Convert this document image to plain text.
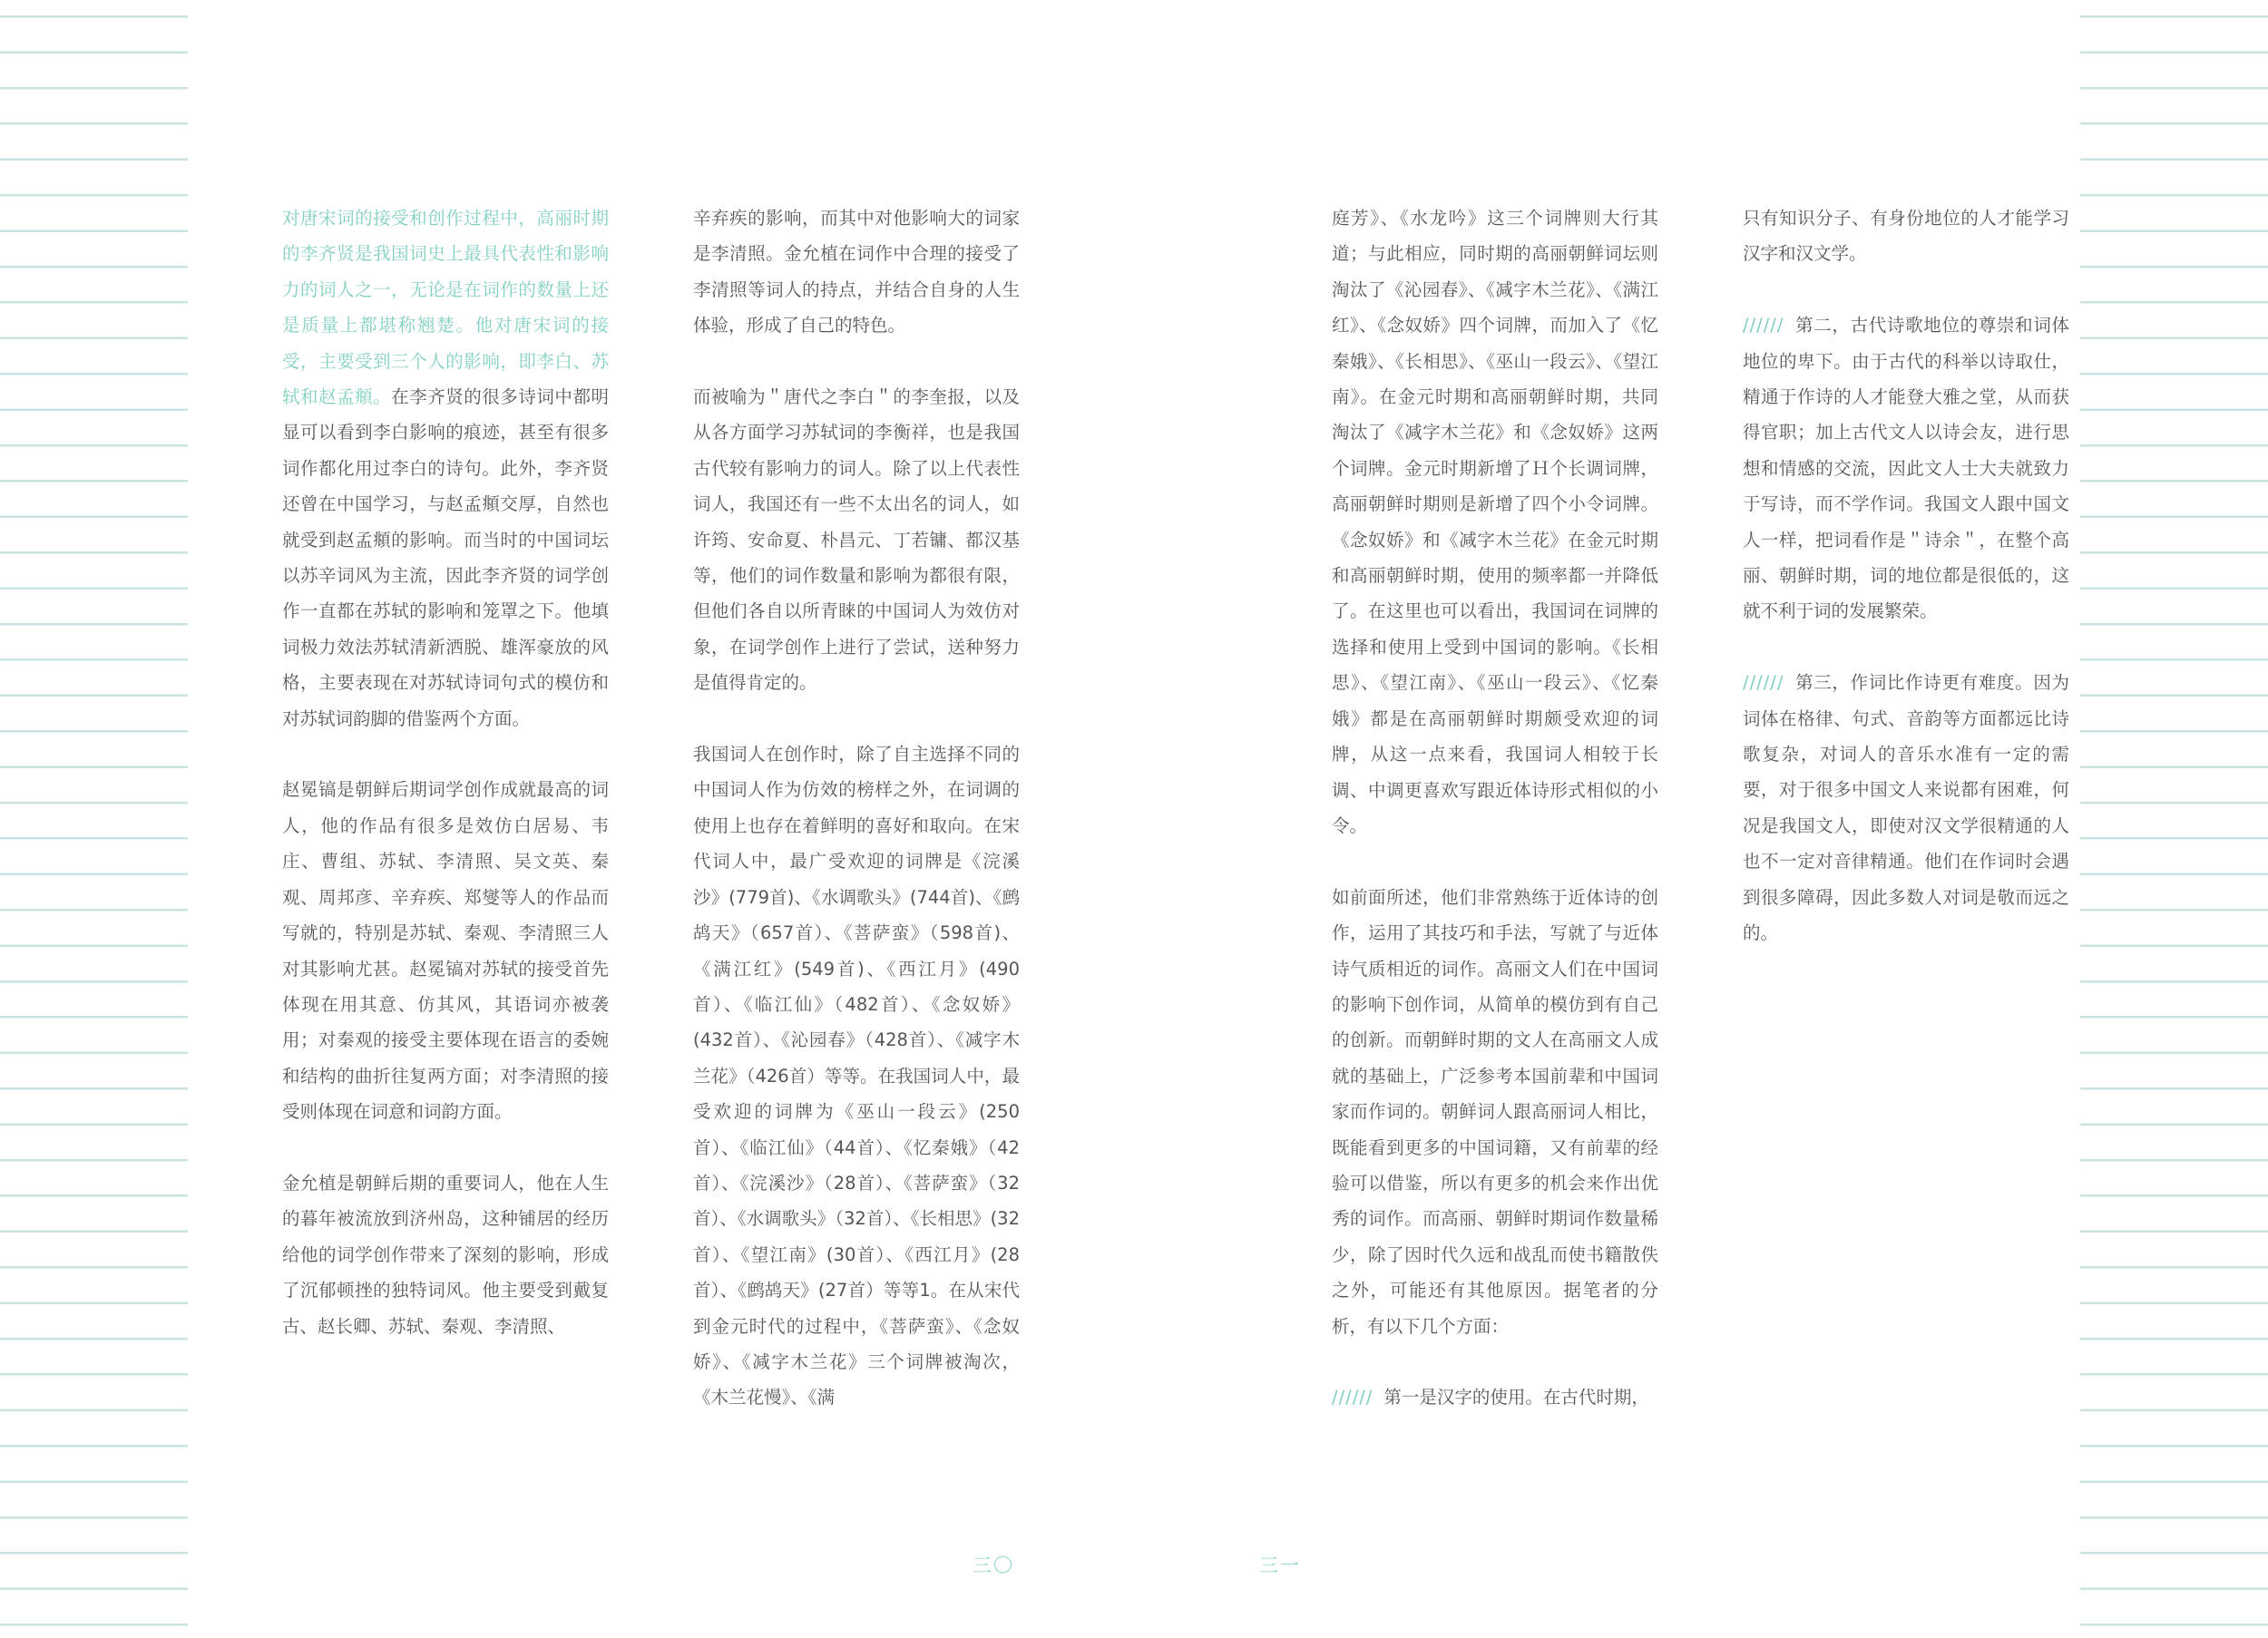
对唐宋词的接受和创作过程中，高丽时期的李齐贤是我国词史上最具代表性和影响力的词人之一，无论是在词作的数量上还是质量上都堪称翘楚。他对唐宋词的接受，主要受到三个人的影响，即李白、苏轼和赵孟頫。在李齐贤的很多诗词中都明显可以看到李白影响的痕迹，甚至有很多词作都化用过李白的诗句。此外，李齐贤还曾在中国学习，与赵孟頫交厚，自然也就受到赵孟頫的影响。而当时的中国词坛以苏辛词风为主流，因此李齐贤的词学创作一直都在苏轼的影响和笼罩之下。他填词极力效法苏轼清新洒脱、雄浑豪放的风格，主要表现在对苏轼诗词句式的模仿和对苏轼词韵脚的借鉴两个方面。

赵冕镐是朝鲜后期词学创作成就最高的词人，他的作品有很多是效仿白居易、韦庄、曹组、苏轼、李清照、吴文英、秦观、周邦彦、辛弃疾、郑燮等人的作品而写就的，特别是苏轼、秦观、李清照三人对其影响尤甚。赵冕镐对苏轼的接受首先体现在用其意、仿其风，其语词亦被袭用；对秦观的接受主要体现在语言的委婉和结构的曲折往复两方面；对李清照的接受则体现在词意和词韵方面。

金允植是朝鲜后期的重要词人，他在人生的暮年被流放到济州岛，这种铺居的经历给他的词学创作带来了深刻的影响，形成了沉郁顿挫的独特词风。他主要受到戴复古、赵长卿、苏轼、秦观、李清照、

辛弃疾的影响，而其中对他影响大的词家是李清照。金允植在词作中合理的接受了李清照等词人的持点，并结合自身的人生体验，形成了自己的特色。

而被喻为＂唐代之李白＂的李奎报，以及从各方面学习苏轼词的李衡祥，也是我国古代较有影响力的词人。除了以上代表性词人，我国还有一些不太出名的词人，如许筠、安命夏、朴昌元、丁若镛、都汉基等，他们的词作数量和影响为都很有限，但他们各自以所青睐的中国词人为效仿对象，在词学创作上进行了尝试，送种努力是值得肯定的。

我国词人在创作时，除了自主选择不同的中国词人作为仿效的榜样之外，在词调的使用上也存在着鲜明的喜好和取向。在宋代词人中，最广受欢迎的词牌是《浣溪沙》(779首)、《水调歌头》(744首)、《鹧鸪天》（657首）、《菩萨蛮》（598首)、《满江红》(549首)、《西江月》(490首）、《临江仙》（482首）、《念奴娇》(432首）、《沁园春》（428首）、《减字木兰花》（426首）等等。在我国词人中，最受欢迎的词牌为《巫山一段云》(250首）、《临江仙》（44首）、《忆秦娥》（42首）、《浣溪沙》（28首）、《菩萨蛮》（32首）、《水调歌头》（32首）、《长相思》(32首）、《望江南》(30首）、《西江月》(28首）、《鹧鸪天》(27首）等等1。在从宋代到金元时代的过程中，《菩萨蛮》、《念奴娇》、《减字木兰花》三个词牌被淘次，《木兰花慢》、《满

庭芳》、《水龙吟》这三个词牌则大行其道；与此相应，同时期的高丽朝鲜词坛则淘汰了《沁园春》、《减字木兰花》、《满江红》、《念奴娇》四个词牌，而加入了《忆秦娥》、《长相思》、《巫山一段云》、《望江南》。在金元时期和高丽朝鲜时期，共同淘汰了《减字木兰花》和《念奴娇》这两个词牌。金元时期新增了Ｈ个长调词牌，高丽朝鲜时期则是新增了四个小令词牌。《念奴娇》和《减字木兰花》在金元时期和高丽朝鲜时期，使用的频率都一并降低了。在这里也可以看出，我国词在词牌的选择和使用上受到中国词的影响。《长相思》、《望江南》、《巫山一段云》、《忆秦娥》都是在高丽朝鲜时期颇受欢迎的词牌，从这一点来看，我国词人相较于长调、中调更喜欢写跟近体诗形式相似的小令。

如前面所述，他们非常熟练于近体诗的创作，运用了其技巧和手法，写就了与近体诗气质相近的词作。高丽文人们在中国词的影响下创作词，从简单的模仿到有自己的创新。而朝鲜时期的文人在高丽文人成就的基础上，广泛参考本国前辈和中国词家而作词的。朝鲜词人跟高丽词人相比，既能看到更多的中国词籍，又有前辈的经验可以借鉴，所以有更多的机会来作出优秀的词作。而高丽、朝鲜时期词作数量稀少，除了因时代久远和战乱而使书籍散佚之外，可能还有其他原因。据笔者的分析，有以下几个方面：

////// 第一是汉字的使用。在古代时期，

只有知识分子、有身份地位的人才能学习汉字和汉文学。

////// 第二，古代诗歌地位的尊崇和词体地位的卑下。由于古代的科举以诗取仕，精通于作诗的人才能登大雅之堂，从而获得官职；加上古代文人以诗会友，进行思想和情感的交流，因此文人士大夫就致力于写诗，而不学作词。我国文人跟中国文人一样，把词看作是＂诗余＂，在整个高丽、朝鲜时期，词的地位都是很低的，这就不利于词的发展繁荣。

////// 第三，作词比作诗更有难度。因为词体在格律、句式、音韵等方面都远比诗歌复杂，对词人的音乐水准有一定的需要，对于很多中国文人来说都有困难，何况是我国文人，即使对汉文学很精通的人也不一定对音律精通。他们在作词时会遇到很多障碍，因此多数人对词是敬而远之的。

三〇	三一
